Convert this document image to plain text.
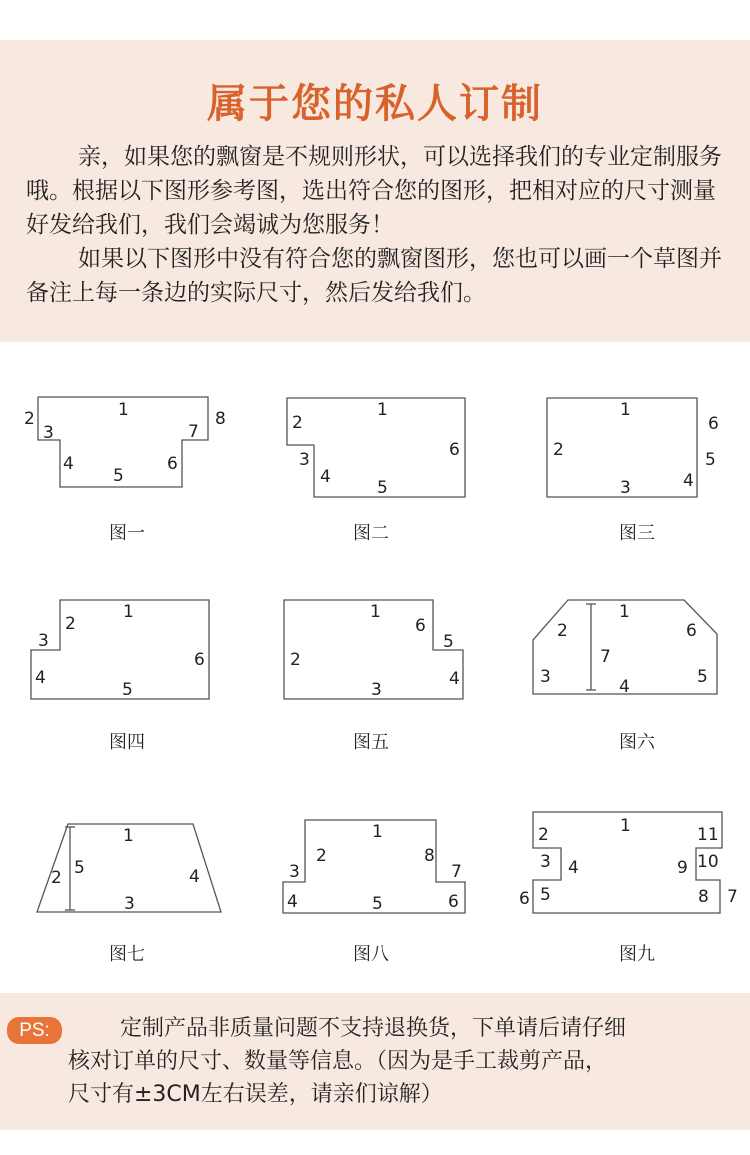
属于您的私人订制

亲，如果您的飘窗是不规则形状，可以选择我们的专业定制服务哦。根据以下图形参考图，选出符合您的图形，把相对应的尺寸测量好发给我们，我们会竭诚为您服务！

如果以下图形中没有符合您的飘窗图形，您也可以画一个草图并备注上每一条边的实际尺寸，然后发给我们。

1
2
3
4
5
6
7
8	1
2
3
4
5
6
1
2
3	4
5
6
1
2
3
4
5
6
1
2
3
4
5
6
1
2
3	4	5
6
7
1
2
3
4
5
1
2
3
4	5	6
7
8
1
2
3 4
5
6	7
8
9 10
11
图一	图二	图三
图四	图五	图六
图七	图八	图九
PS:	定制产品非质量问题不支持退换货，下单请后请仔细
核对订单的尺寸、数量等信息。（因为是手工裁剪产品，
尺寸有±3CM左右误差，请亲们谅解）
